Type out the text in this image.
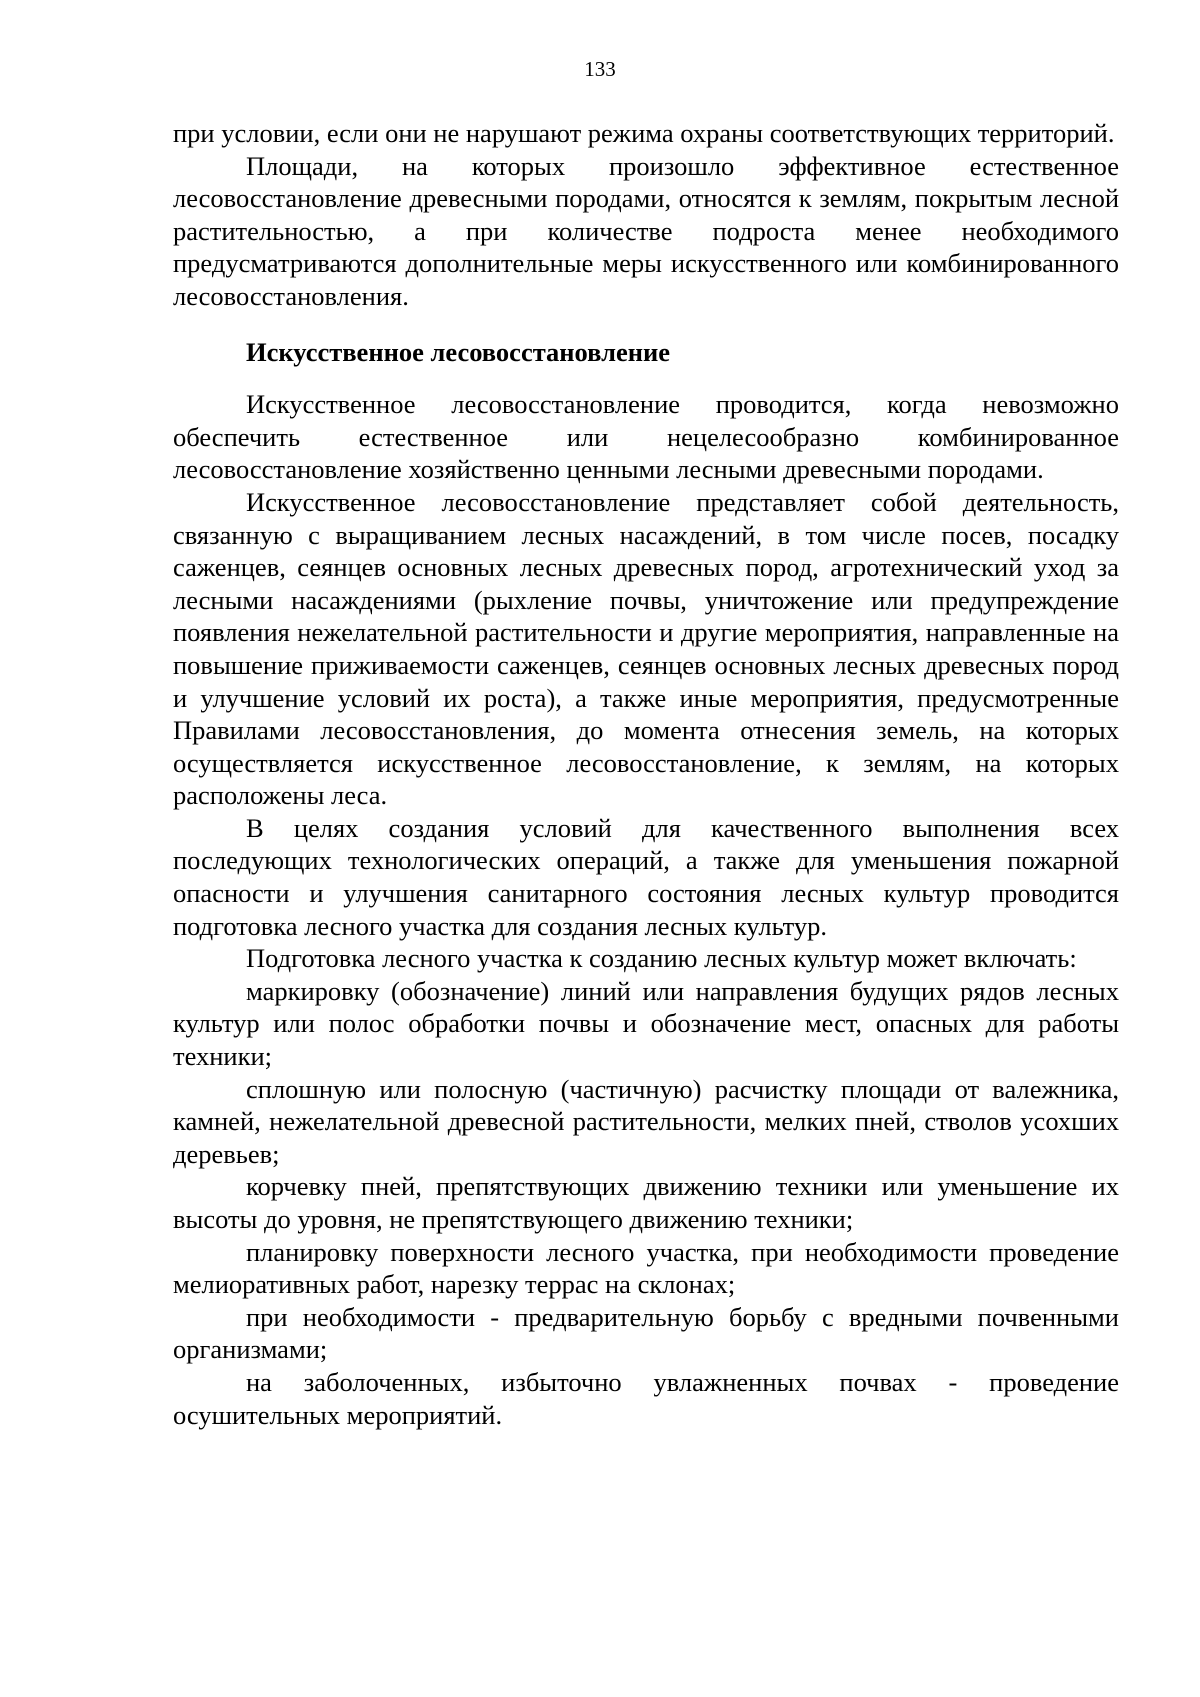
133

при условии, если они не нарушают режима охраны соответствующих территорий.

Площади, на которых произошло эффективное естественное лесовосстановление древесными породами, относятся к землям, покрытым лесной растительностью, а при количестве подроста менее необходимого предусматриваются дополнительные меры искусственного или комбинированного лесовосстановления.

Искусственное лесовосстановление

Искусственное лесовосстановление проводится, когда невозможно обеспечить естественное или нецелесообразно комбинированное лесовосстановление хозяйственно ценными лесными древесными породами.

Искусственное лесовосстановление представляет собой деятельность, связанную с выращиванием лесных насаждений, в том числе посев, посадку саженцев, сеянцев основных лесных древесных пород, агротехнический уход за лесными насаждениями (рыхление почвы, уничтожение или предупреждение появления нежелательной растительности и другие мероприятия, направленные на повышение приживаемости саженцев, сеянцев основных лесных древесных пород и улучшение условий их роста), а также иные мероприятия, предусмотренные Правилами лесовосстановления, до момента отнесения земель, на которых осуществляется искусственное лесовосстановление, к землям, на которых расположены леса.

В целях создания условий для качественного выполнения всех последующих технологических операций, а также для уменьшения пожарной опасности и улучшения санитарного состояния лесных культур проводится подготовка лесного участка для создания лесных культур.

Подготовка лесного участка к созданию лесных культур может включать:

маркировку (обозначение) линий или направления будущих рядов лесных культур или полос обработки почвы и обозначение мест, опасных для работы техники;

сплошную или полосную (частичную) расчистку площади от валежника, камней, нежелательной древесной растительности, мелких пней, стволов усохших деревьев;

корчевку пней, препятствующих движению техники или уменьшение их высоты до уровня, не препятствующего движению техники;

планировку поверхности лесного участка, при необходимости проведение мелиоративных работ, нарезку террас на склонах;

при необходимости - предварительную борьбу с вредными почвенными организмами;

на заболоченных, избыточно увлажненных почвах - проведение осушительных мероприятий.
